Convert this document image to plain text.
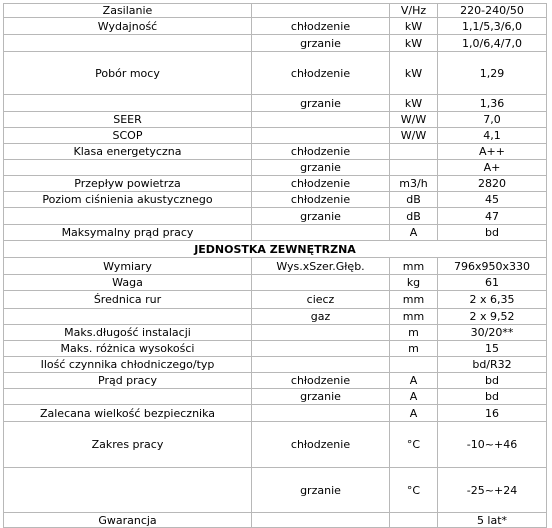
Zasilanie		V/Hz	220-240/50
Wydajność	chłodzenie	kW	1,1/5,3/6,0
	grzanie	kW	1,0/6,4/7,0
Pobór mocy	chłodzenie	kW	1,29
	grzanie	kW	1,36
SEER		W/W	7,0
SCOP		W/W	4,1
Klasa energetyczna	chłodzenie		A++
	grzanie		A+
Przepływ powietrza	chłodzenie	m3/h	2820
Poziom ciśnienia akustycznego	chłodzenie	dB	45
	grzanie	dB	47
Maksymalny prąd pracy		A	bd
JEDNOSTKA ZEWNĘTRZNA			
Wymiary	Wys.xSzer.Głęb.	mm	796x950x330
Waga		kg	61
Średnica rur	ciecz	mm	2 x 6,35
	gaz	mm	2 x 9,52
Maks.długość instalacji		m	30/20**
Maks. różnica wysokości		m	15
Ilość czynnika chłodniczego/typ			bd/R32
Prąd pracy	chłodzenie	A	bd
	grzanie	A	bd
Zalecana wielkość bezpiecznika		A	16
Zakres pracy	chłodzenie	°C	-10~+46
	grzanie	°C	-25~+24
Gwarancja			5 lat*
